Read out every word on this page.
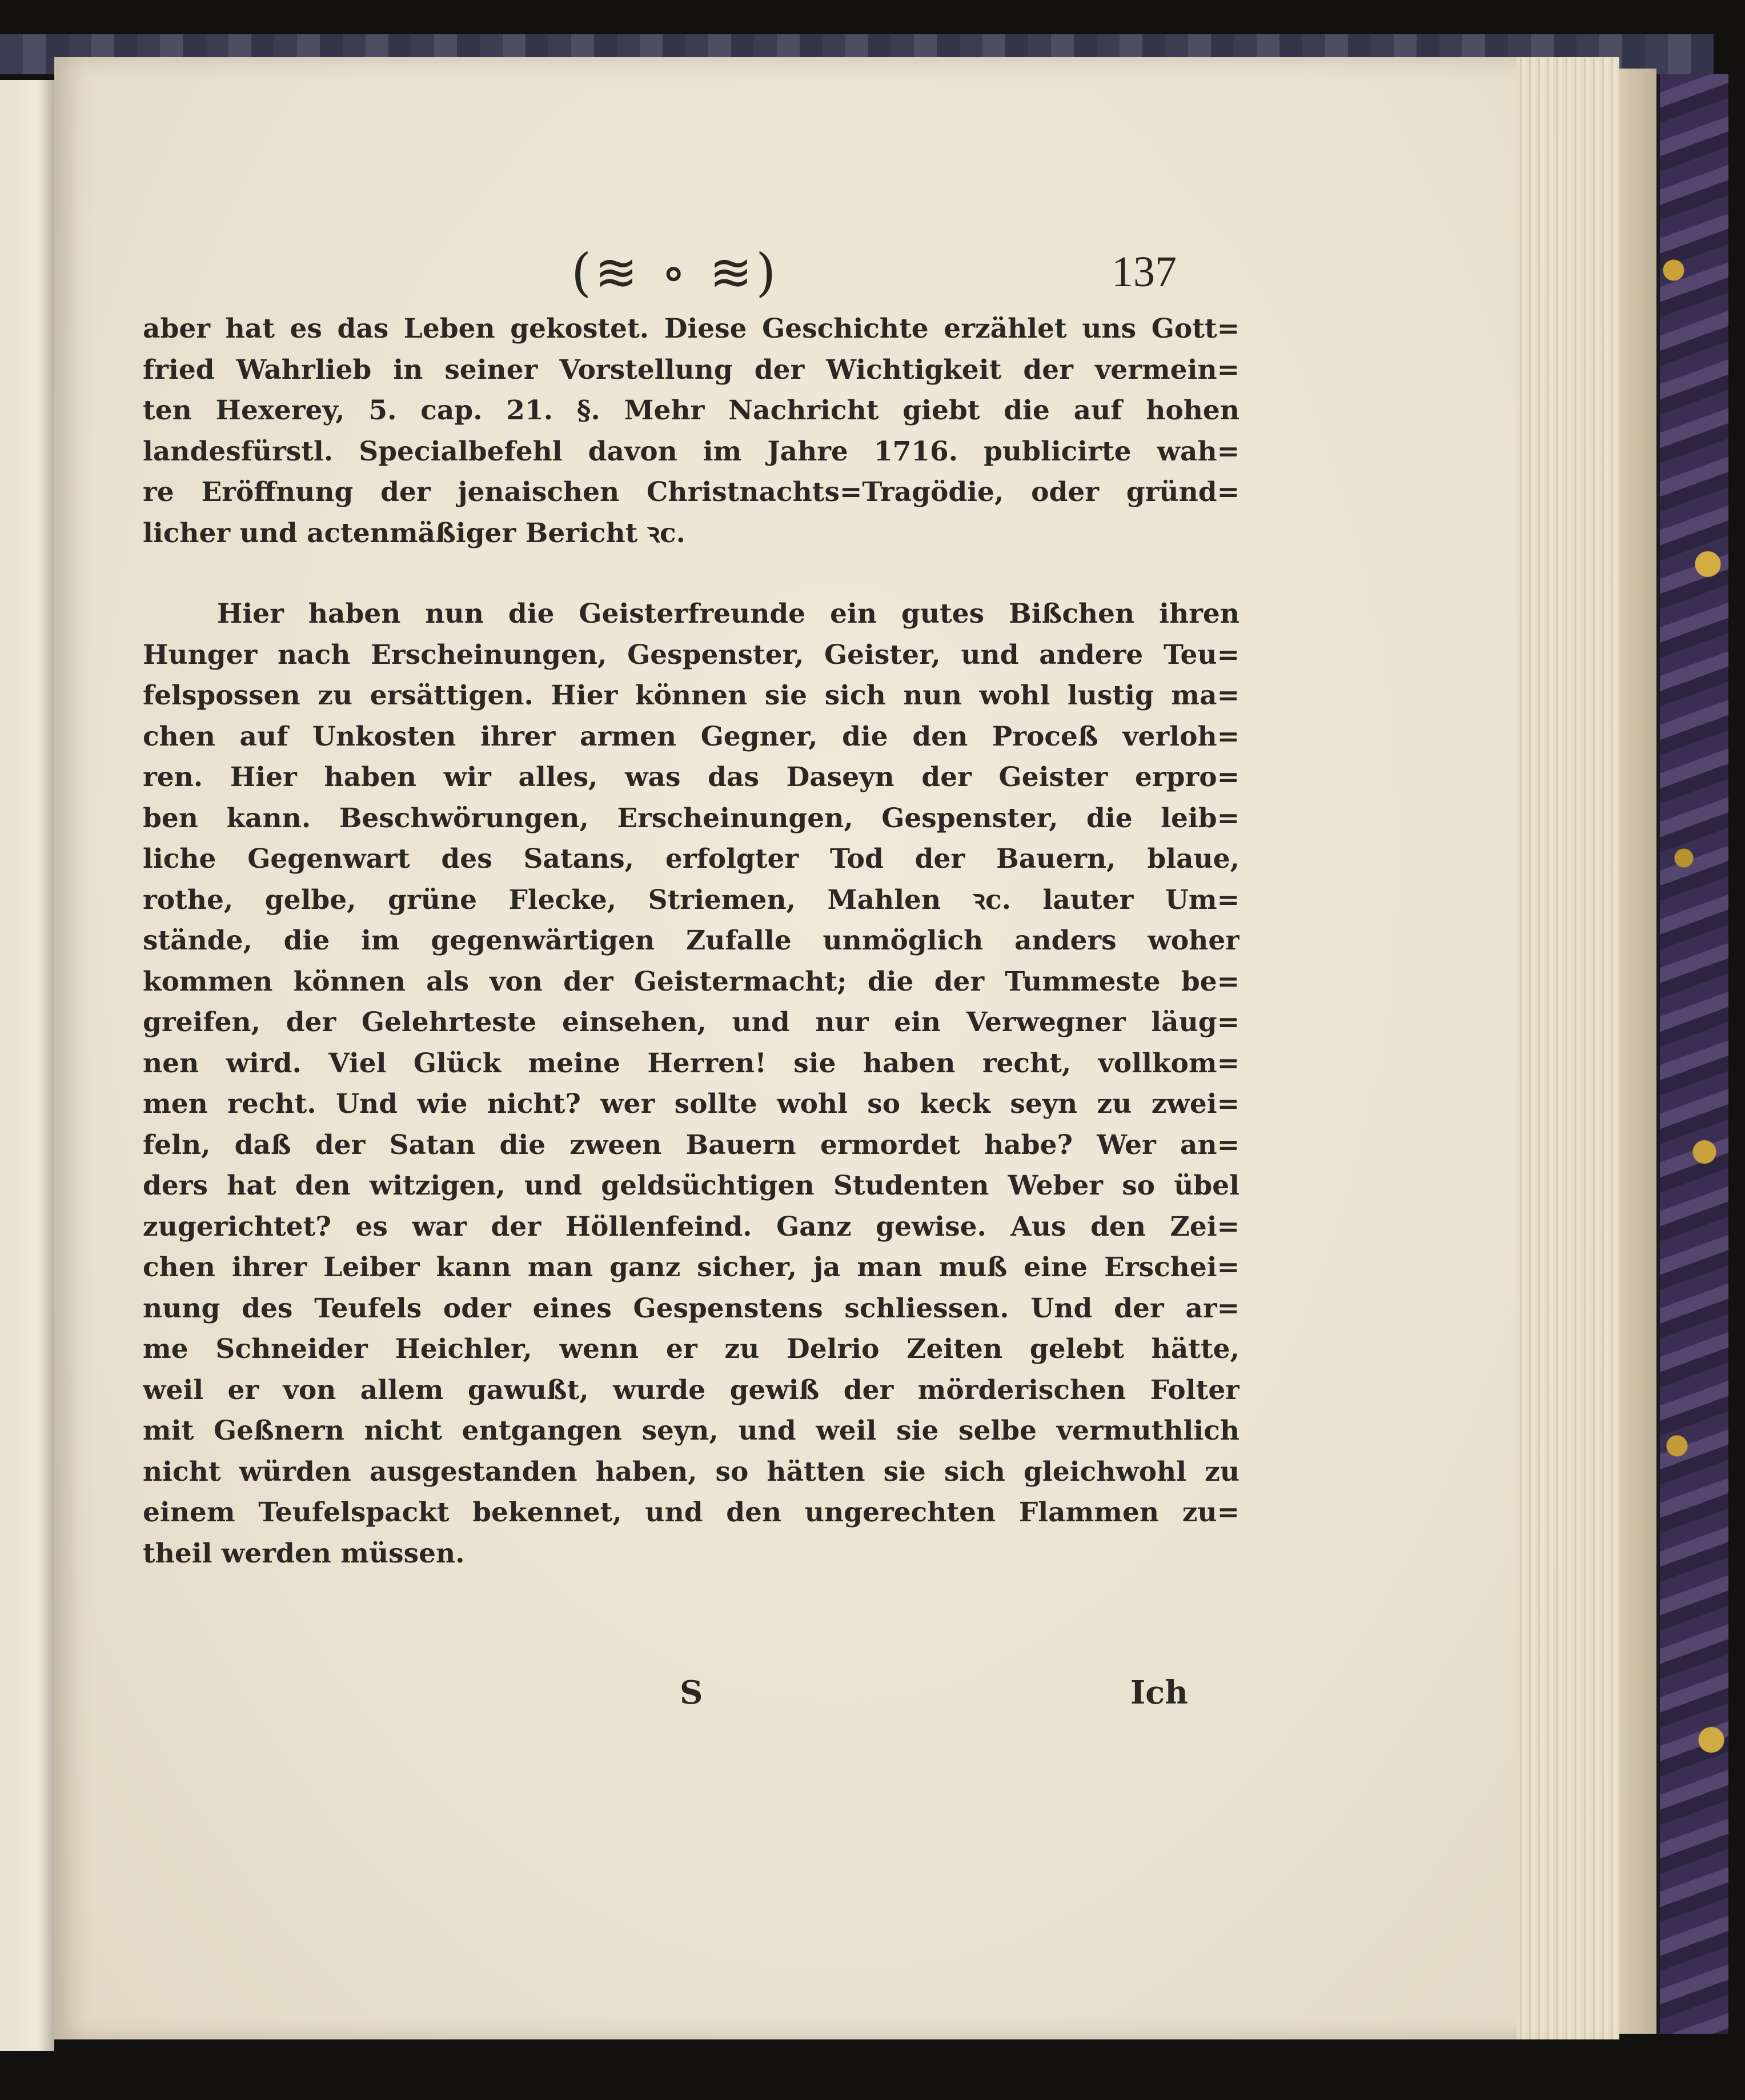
(≋ ∘ ≋)	137
aber hat es das Leben gekostet. Diese Geschichte erzählet uns Gott=
fried Wahrlieb in seiner Vorstellung der Wichtigkeit der vermein=
ten Hexerey, 5. cap. 21. §. Mehr Nachricht giebt die auf hohen
landesfürstl. Specialbefehl davon im Jahre 1716. publicirte wah=
re Eröffnung der jenaischen Christnachts=Tragödie, oder gründ=
licher und actenmäßiger Bericht ꝛc.
Hier haben nun die Geisterfreunde ein gutes Bißchen ihren
Hunger nach Erscheinungen, Gespenster, Geister, und andere Teu=
felspossen zu ersättigen. Hier können sie sich nun wohl lustig ma=
chen auf Unkosten ihrer armen Gegner, die den Proceß verloh=
ren. Hier haben wir alles, was das Daseyn der Geister erpro=
ben kann. Beschwörungen, Erscheinungen, Gespenster, die leib=
liche Gegenwart des Satans, erfolgter Tod der Bauern, blaue,
rothe, gelbe, grüne Flecke, Striemen, Mahlen ꝛc. lauter Um=
stände, die im gegenwärtigen Zufalle unmöglich anders woher
kommen können als von der Geistermacht; die der Tummeste be=
greifen, der Gelehrteste einsehen, und nur ein Verwegner läug=
nen wird. Viel Glück meine Herren! sie haben recht, vollkom=
men recht. Und wie nicht? wer sollte wohl so keck seyn zu zwei=
feln, daß der Satan die zween Bauern ermordet habe? Wer an=
ders hat den witzigen, und geldsüchtigen Studenten Weber so übel
zugerichtet? es war der Höllenfeind. Ganz gewise. Aus den Zei=
chen ihrer Leiber kann man ganz sicher, ja man muß eine Erschei=
nung des Teufels oder eines Gespenstens schliessen. Und der ar=
me Schneider Heichler, wenn er zu Delrio Zeiten gelebt hätte,
weil er von allem gawußt, wurde gewiß der mörderischen Folter
mit Geßnern nicht entgangen seyn, und weil sie selbe vermuthlich
nicht würden ausgestanden haben, so hätten sie sich gleichwohl zu
einem Teufelspackt bekennet, und den ungerechten Flammen zu=
theil werden müssen.
S	Ich
